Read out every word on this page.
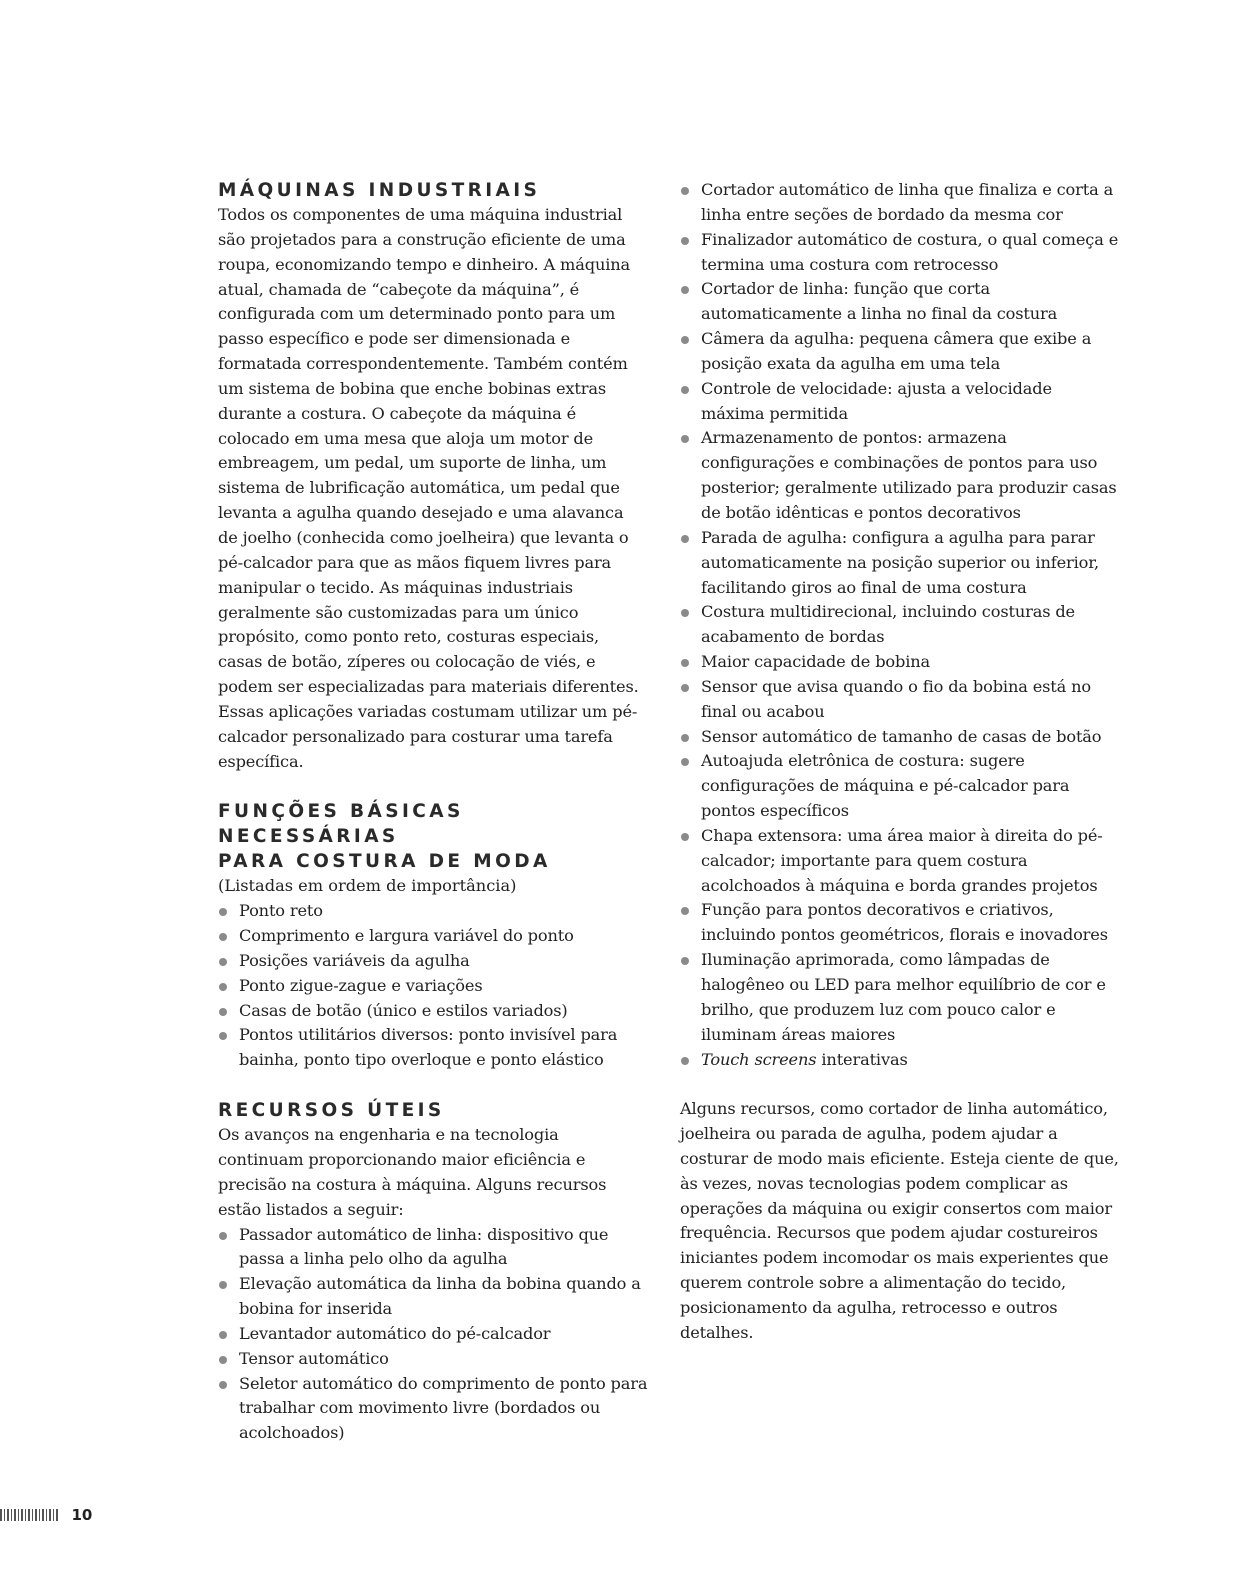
MÁQUINAS INDUSTRIAIS

Todos os componentes de uma máquina industrial são projetados para a construção eficiente de uma roupa, economizando tempo e dinheiro. A máquina atual, chamada de “cabeçote da máquina”, é configurada com um determinado ponto para um passo específico e pode ser dimensionada e formatada correspondentemente. Também contém um sistema de bobina que enche bobinas extras durante a costura. O cabeçote da máquina é colocado em uma mesa que aloja um motor de embreagem, um pedal, um suporte de linha, um sistema de lubrificação automática, um pedal que levanta a agulha quando desejado e uma alavanca de joelho (conhecida como joelheira) que levanta o pé-calcador para que as mãos fiquem livres para manipular o tecido. As máquinas industriais geralmente são customizadas para um único propósito, como ponto reto, costuras especiais, casas de botão, zíperes ou colocação de viés, e podem ser especializadas para materiais diferentes. Essas aplicações variadas costumam utilizar um pé-calcador personalizado para costurar uma tarefa específica.

FUNÇÕES BÁSICAS NECESSÁRIAS
PARA COSTURA DE MODA

(Listadas em ordem de importância)

Ponto reto
Comprimento e largura variável do ponto
Posições variáveis da agulha
Ponto zigue-zague e variações
Casas de botão (único e estilos variados)
Pontos utilitários diversos: ponto invisível para bainha, ponto tipo overloque e ponto elástico
RECURSOS ÚTEIS

Os avanços na engenharia e na tecnologia continuam proporcionando maior eficiência e precisão na costura à máquina. Alguns recursos estão listados a seguir:

Passador automático de linha: dispositivo que passa a linha pelo olho da agulha
Elevação automática da linha da bobina quando a bobina for inserida
Levantador automático do pé-calcador
Tensor automático
Seletor automático do comprimento de ponto para trabalhar com movimento livre (bordados ou acolchoados)
Cortador automático de linha que finaliza e corta a linha entre seções de bordado da mesma cor
Finalizador automático de costura, o qual começa e termina uma costura com retrocesso
Cortador de linha: função que corta automaticamente a linha no final da costura
Câmera da agulha: pequena câmera que exibe a posição exata da agulha em uma tela
Controle de velocidade: ajusta a velocidade máxima permitida
Armazenamento de pontos: armazena configurações e combinações de pontos para uso posterior; geralmente utilizado para produzir casas de botão idênticas e pontos decorativos
Parada de agulha: configura a agulha para parar automaticamente na posição superior ou inferior, facilitando giros ao final de uma costura
Costura multidirecional, incluindo costuras de acabamento de bordas
Maior capacidade de bobina
Sensor que avisa quando o fio da bobina está no final ou acabou
Sensor automático de tamanho de casas de botão
Autoajuda eletrônica de costura: sugere configurações de máquina e pé-calcador para pontos específicos
Chapa extensora: uma área maior à direita do pé-calcador; importante para quem costura acolchoados à máquina e borda grandes projetos
Função para pontos decorativos e criativos, incluindo pontos geométricos, florais e inovadores
Iluminação aprimorada, como lâmpadas de halogêneo ou LED para melhor equilíbrio de cor e brilho, que produzem luz com pouco calor e iluminam áreas maiores
Touch screens interativas

Alguns recursos, como cortador de linha automático, joelheira ou parada de agulha, podem ajudar a costurar de modo mais eficiente. Esteja ciente de que, às vezes, novas tecnologias podem complicar as operações da máquina ou exigir consertos com maior frequência. Recursos que podem ajudar costureiros iniciantes podem incomodar os mais experientes que querem controle sobre a alimentação do tecido, posicionamento da agulha, retrocesso e outros detalhes.

10
